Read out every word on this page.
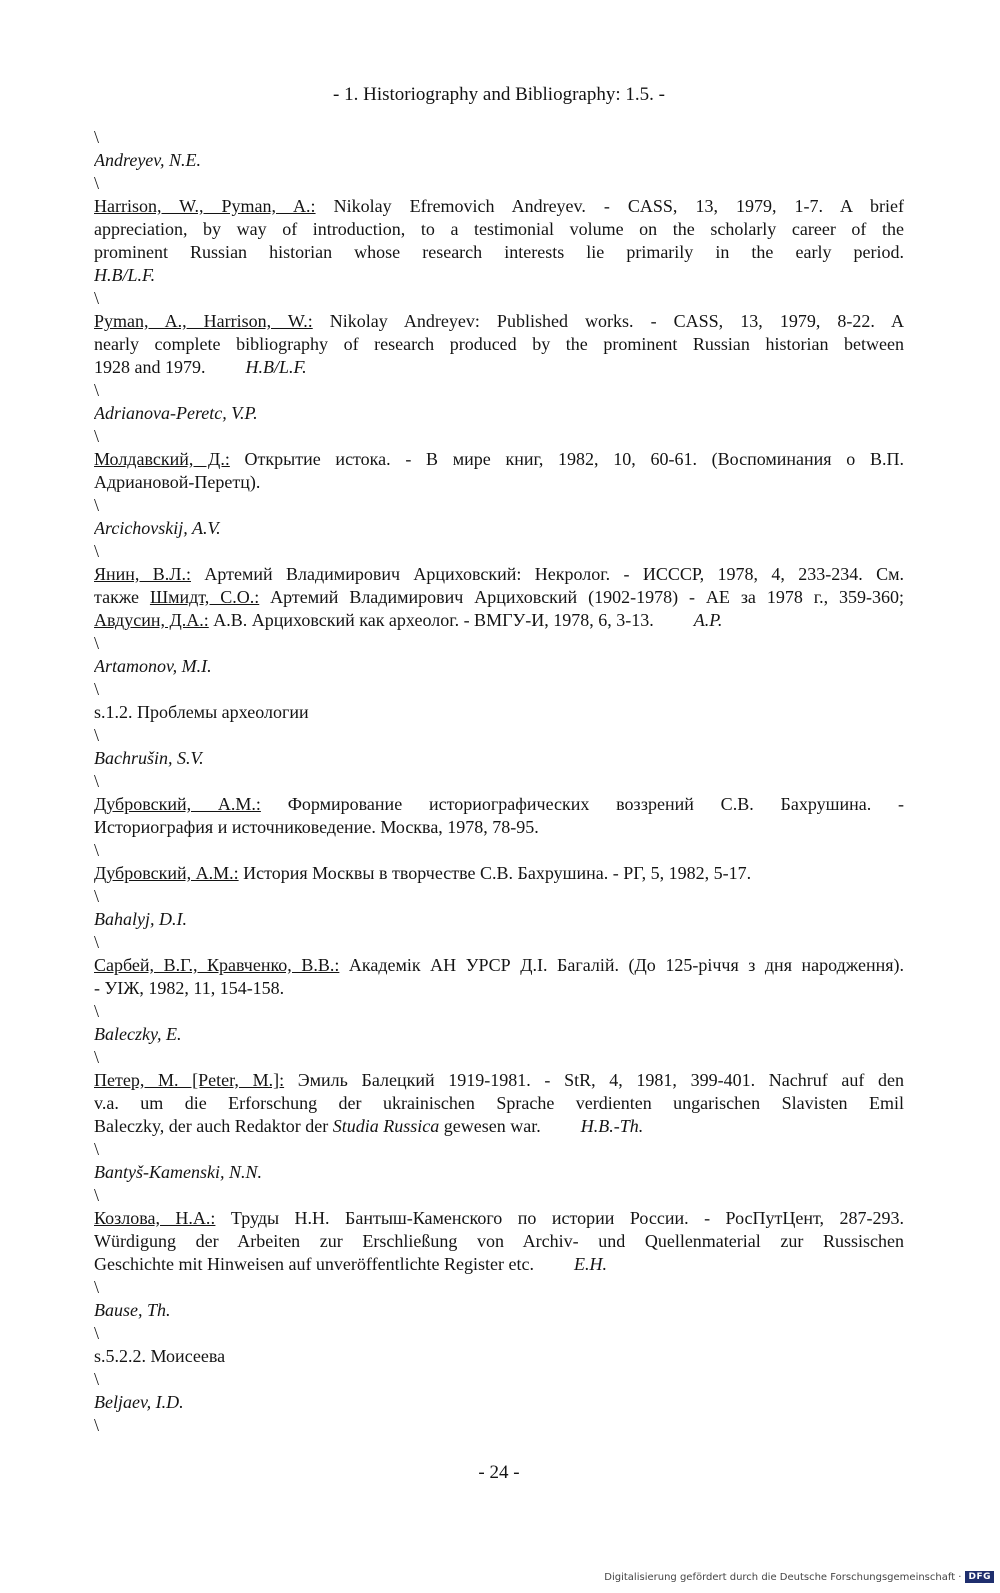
- 1. Historiography and Bibliography: 1.5. -
\
Andreyev, N.E.
\
Harrison, W., Pyman, A.: Nikolay Efremovich Andreyev. - CASS, 13, 1979, 1-7. A brief
appreciation, by way of introduction, to a testimonial volume on the scholarly career of the
prominent Russian historian whose research interests lie primarily in the early period.
H.B/L.F.
\
Pyman, A., Harrison, W.: Nikolay Andreyev: Published works. - CASS, 13, 1979, 8-22. A
nearly complete bibliography of research produced by the prominent Russian historian between
1928 and 1979. H.B/L.F.
\
Adrianova-Peretc, V.P.
\
Молдавский, Д.: Открытие истока. - В мире книг, 1982, 10, 60-61. (Воспоминания о В.П.
Адриановой-Перетц).
\
Arcichovskij, A.V.
\
Янин, В.Л.: Артемий Владимирович Арциховский: Некролог. - ИССCР, 1978, 4, 233-234. См.
также Шмидт, С.О.: Артемий Владимирович Арциховский (1902-1978) - АЕ за 1978 г., 359-360;
Авдусин, Д.А.: А.В. Арциховский как археолог. - ВМГУ-И, 1978, 6, 3-13. A.P.
\
Artamonov, M.I.
\
s.1.2. Проблемы археологии
\
Bachrušin, S.V.
\
Дубровский, А.М.: Формирование историографических воззрений С.В. Бахрушина. -
Историография и источниковедение. Москва, 1978, 78-95.
\
Дубровский, А.М.: История Москвы в творчестве С.В. Бахрушина. - РГ, 5, 1982, 5-17.
\
Bahalyj, D.I.
\
Сарбей, В.Г., Кравченко, В.В.: Академік АН УРСР Д.І. Багалій. (До 125-річчя з дня народження).
- УІЖ, 1982, 11, 154-158.
\
Baleczky, E.
\
Петер, М. [Peter, M.]: Эмиль Балецкий 1919-1981. - StR, 4, 1981, 399-401. Nachruf auf den
v.a. um die Erforschung der ukrainischen Sprache verdienten ungarischen Slavisten Emil
Baleczky, der auch Redaktor der Studia Russica gewesen war. H.B.-Th.
\
Bantyš-Kamenski, N.N.
\
Козлова, Н.А.: Труды Н.Н. Бантыш-Каменского по истории России. - РосПутЦент, 287-293.
Würdigung der Arbeiten zur Erschließung von Archiv- und Quellenmaterial zur Russischen
Geschichte mit Hinweisen auf unveröffentlichte Register etc. E.H.
\
Bause, Th.
\
s.5.2.2. Моисеева
\
Beljaev, I.D.
\
- 24 -
Digitalisierung gefördert durch die Deutsche Forschungsgemeinschaft · DFG
